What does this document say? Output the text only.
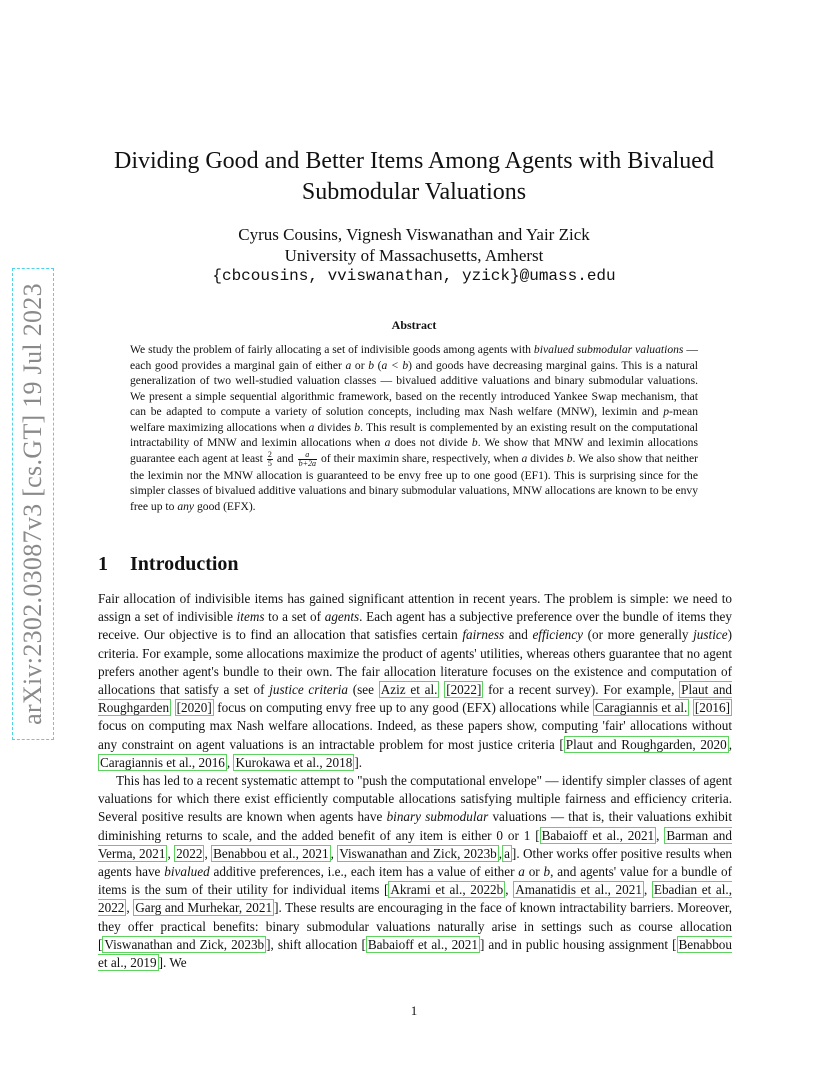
arXiv:2302.03087v3 [cs.GT] 19 Jul 2023
Dividing Good and Better Items Among Agents with Bivalued Submodular Valuations
Cyrus Cousins, Vignesh Viswanathan and Yair Zick
University of Massachusetts, Amherst
{cbcousins, vviswanathan, yzick}@umass.edu
Abstract

We study the problem of fairly allocating a set of indivisible goods among agents with bivalued submodular valuations — each good provides a marginal gain of either a or b (a < b) and goods have decreasing marginal gains. This is a natural generalization of two well-studied valuation classes — bivalued additive valuations and binary submodular valuations. We present a simple sequential algorithmic framework, based on the recently introduced Yankee Swap mechanism, that can be adapted to compute a variety of solution concepts, including max Nash welfare (MNW), leximin and p-mean welfare maximizing allocations when a divides b. This result is complemented by an existing result on the computational intractability of MNW and leximin allocations when a does not divide b. We show that MNW and leximin allocations guarantee each agent at least $\frac{2}{5}$ and $\frac{a}{b+2a}$ of their maximin share, respectively, when a divides b. We also show that neither the leximin nor the MNW allocation is guaranteed to be envy free up to one good (EF1). This is surprising since for the simpler classes of bivalued additive valuations and binary submodular valuations, MNW allocations are known to be envy free up to any good (EFX).

1 Introduction

Fair allocation of indivisible items has gained significant attention in recent years. The problem is simple: we need to assign a set of indivisible items to a set of agents. Each agent has a subjective preference over the bundle of items they receive. Our objective is to find an allocation that satisfies certain fairness and efficiency (or more generally justice) criteria. For example, some allocations maximize the product of agents' utilities, whereas others guarantee that no agent prefers another agent's bundle to their own. The fair allocation literature focuses on the existence and computation of allocations that satisfy a set of justice criteria (see Aziz et al. [2022] for a recent survey). For example, Plaut and Roughgarden [2020] focus on computing envy free up to any good (EFX) allocations while Caragiannis et al. [2016] focus on computing max Nash welfare allocations. Indeed, as these papers show, computing 'fair' allocations without any constraint on agent valuations is an intractable problem for most justice criteria [ Plaut and Roughgarden, 2020 , Caragiannis et al., 2016 , Kurokawa et al., 2018 ].

This has led to a recent systematic attempt to "push the computational envelope" — identify simpler classes of agent valuations for which there exist efficiently computable allocations satisfying multiple fairness and efficiency criteria. Several positive results are known when agents have binary submodular valuations — that is, their valuations exhibit diminishing returns to scale, and the added benefit of any item is either 0 or 1 [ Babaioff et al., 2021 , Barman and Verma, 2021 , 2022 , Benabbou et al., 2021 , Viswanathan and Zick, 2023b , a ]. Other works offer positive results when agents have bivalued additive preferences, i.e., each item has a value of either a or b, and agents' value for a bundle of items is the sum of their utility for individual items [ Akrami et al., 2022b , Amanatidis et al., 2021 , Ebadian et al., 2022 , Garg and Murhekar, 2021 ]. These results are encouraging in the face of known intractability barriers. Moreover, they offer practical benefits: binary submodular valuations naturally arise in settings such as course allocation [ Viswanathan and Zick, 2023b ], shift allocation [ Babaioff et al., 2021 ] and in public housing assignment [ Benabbou et al., 2019 ]. We

1
